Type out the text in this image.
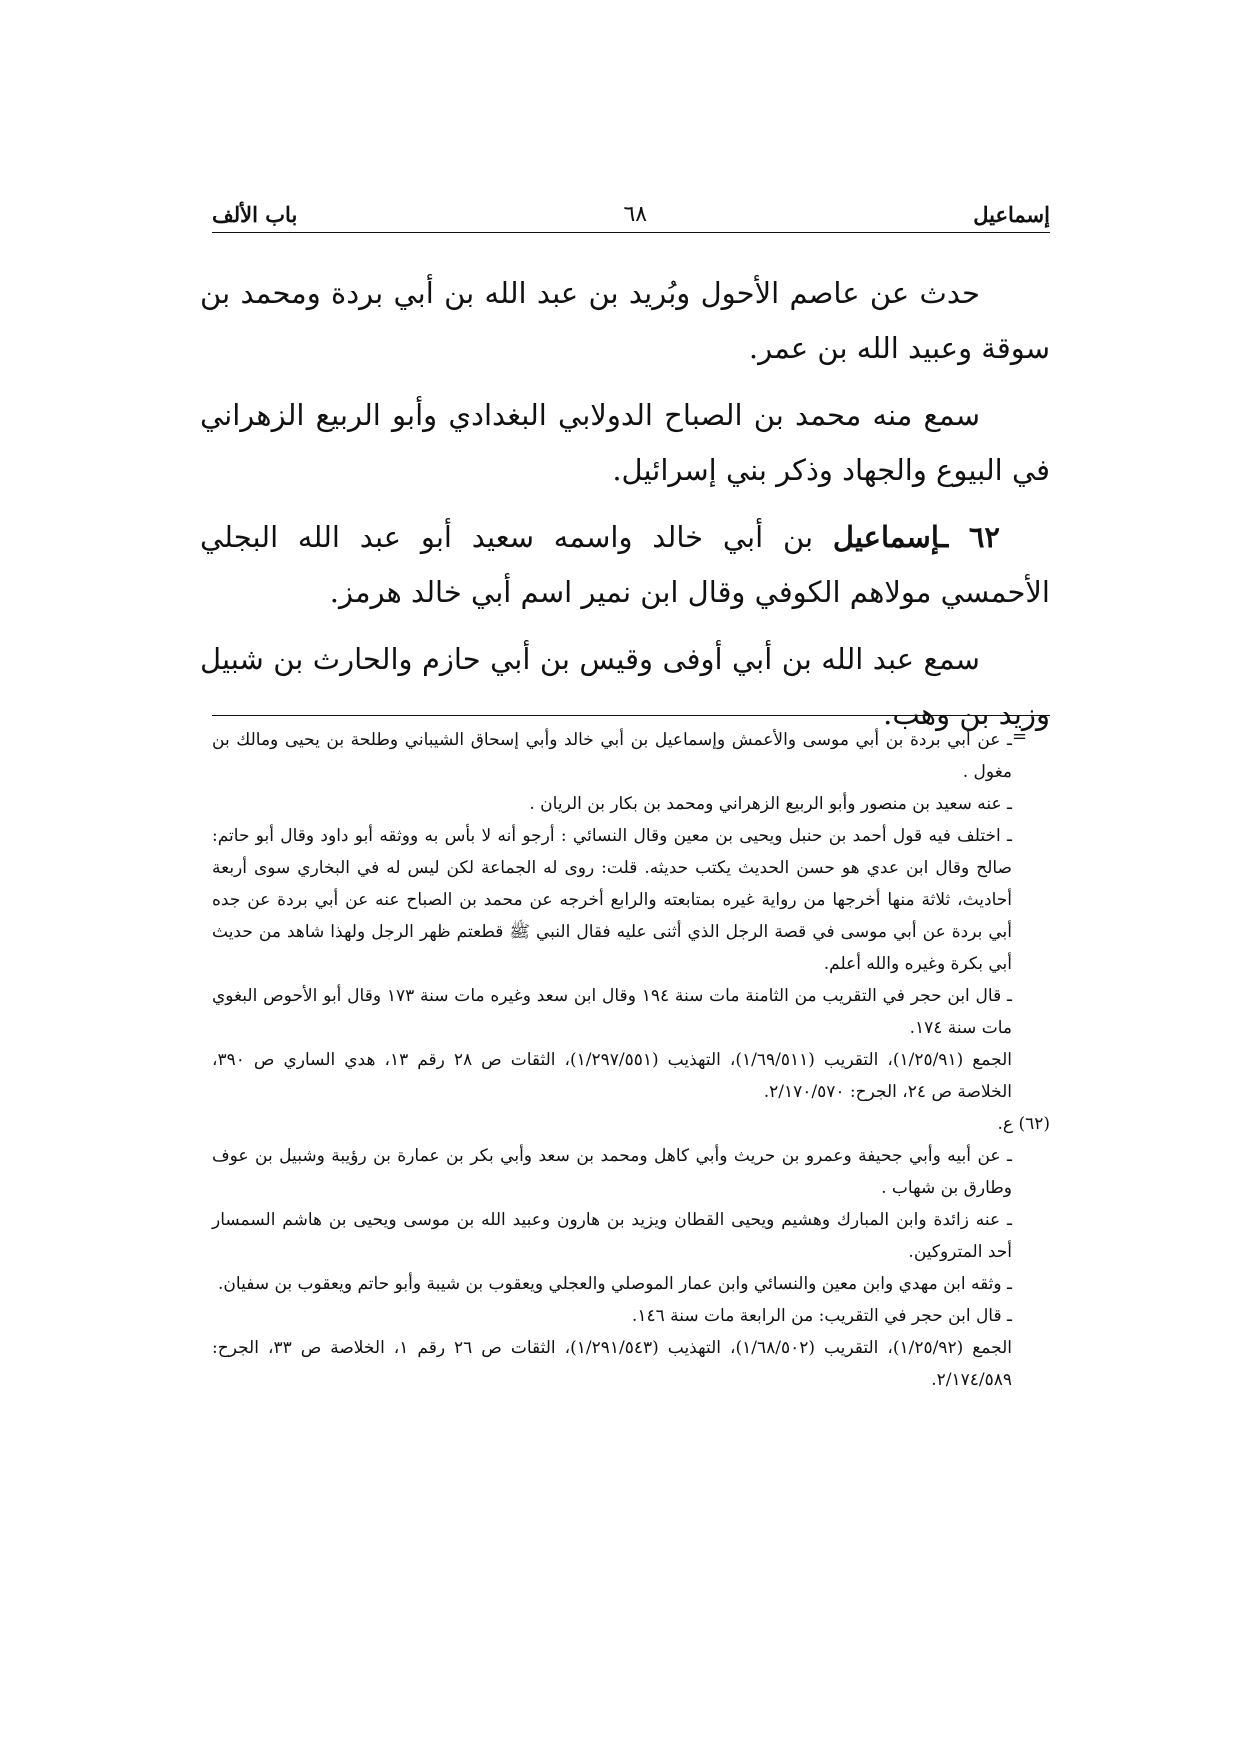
إسماعيل
٦٨
باب الألف

حدث عن عاصم الأحول وبُريد بن عبد الله بن أبي بردة ومحمد بن سوقة وعبيد الله بن عمر.

سمع منه محمد بن الصباح الدولابي البغدادي وأبو الربيع الزهراني في البيوع والجهاد وذكر بني إسرائيل.

٦٢ ـإسماعيل بن أبي خالد واسمه سعيد أبو عبد الله البجلي الأحمسي مولاهم الكوفي وقال ابن نمير اسم أبي خالد هرمز.

سمع عبد الله بن أبي أوفى وقيس بن أبي حازم والحارث بن شبيل وزيد بن وهب.

=

ـ عن أبي بردة بن أبي موسى والأعمش وإسماعيل بن أبي خالد وأبي إسحاق الشيباني وطلحة بن يحيى ومالك بن مغول .

ـ عنه سعيد بن منصور وأبو الربيع الزهراني ومحمد بن بكار بن الريان .

ـ اختلف فيه قول أحمد بن حنبل ويحيى بن معين وقال النسائي : أرجو أنه لا بأس به ووثقه أبو داود وقال أبو حاتم: صالح وقال ابن عدي هو حسن الحديث يكتب حديثه. قلت: روى له الجماعة لكن ليس له في البخاري سوى أربعة أحاديث، ثلاثة منها أخرجها من رواية غيره بمتابعته والرابع أخرجه عن محمد بن الصباح عنه عن أبي بردة عن جده أبي بردة عن أبي موسى في قصة الرجل الذي أثنى عليه فقال النبي ﷺ قطعتم ظهر الرجل ولهذا شاهد من حديث أبي بكرة وغيره والله أعلم.

ـ قال ابن حجر في التقريب من الثامنة مات سنة ١٩٤ وقال ابن سعد وغيره مات سنة ١٧٣ وقال أبو الأحوص البغوي مات سنة ١٧٤.

الجمع (١/٢٥/٩١)، التقريب (١/٦٩/٥١١)، التهذيب (١/٢٩٧/٥٥١)، الثقات ص ٢٨ رقم ١٣، هدي الساري ص ٣٩٠، الخلاصة ص ٢٤، الجرح: ٢/١٧٠/٥٧٠.

(٦٢) ع.

ـ عن أبيه وأبي جحيفة وعمرو بن حريث وأبي كاهل ومحمد بن سعد وأبي بكر بن عمارة بن رؤيبة وشبيل بن عوف وطارق بن شهاب .

ـ عنه زائدة وابن المبارك وهشيم ويحيى القطان ويزيد بن هارون وعبيد الله بن موسى ويحيى بن هاشم السمسار أحد المتروكين.

ـ وثقه ابن مهدي وابن معين والنسائي وابن عمار الموصلي والعجلي ويعقوب بن شيبة وأبو حاتم ويعقوب بن سفيان.

ـ قال ابن حجر في التقريب: من الرابعة مات سنة ١٤٦.

الجمع (١/٢٥/٩٢)، التقريب (١/٦٨/٥٠٢)، التهذيب (١/٢٩١/٥٤٣)، الثقات ص ٢٦ رقم ١، الخلاصة ص ٣٣، الجرح: ٢/١٧٤/٥٨٩.
